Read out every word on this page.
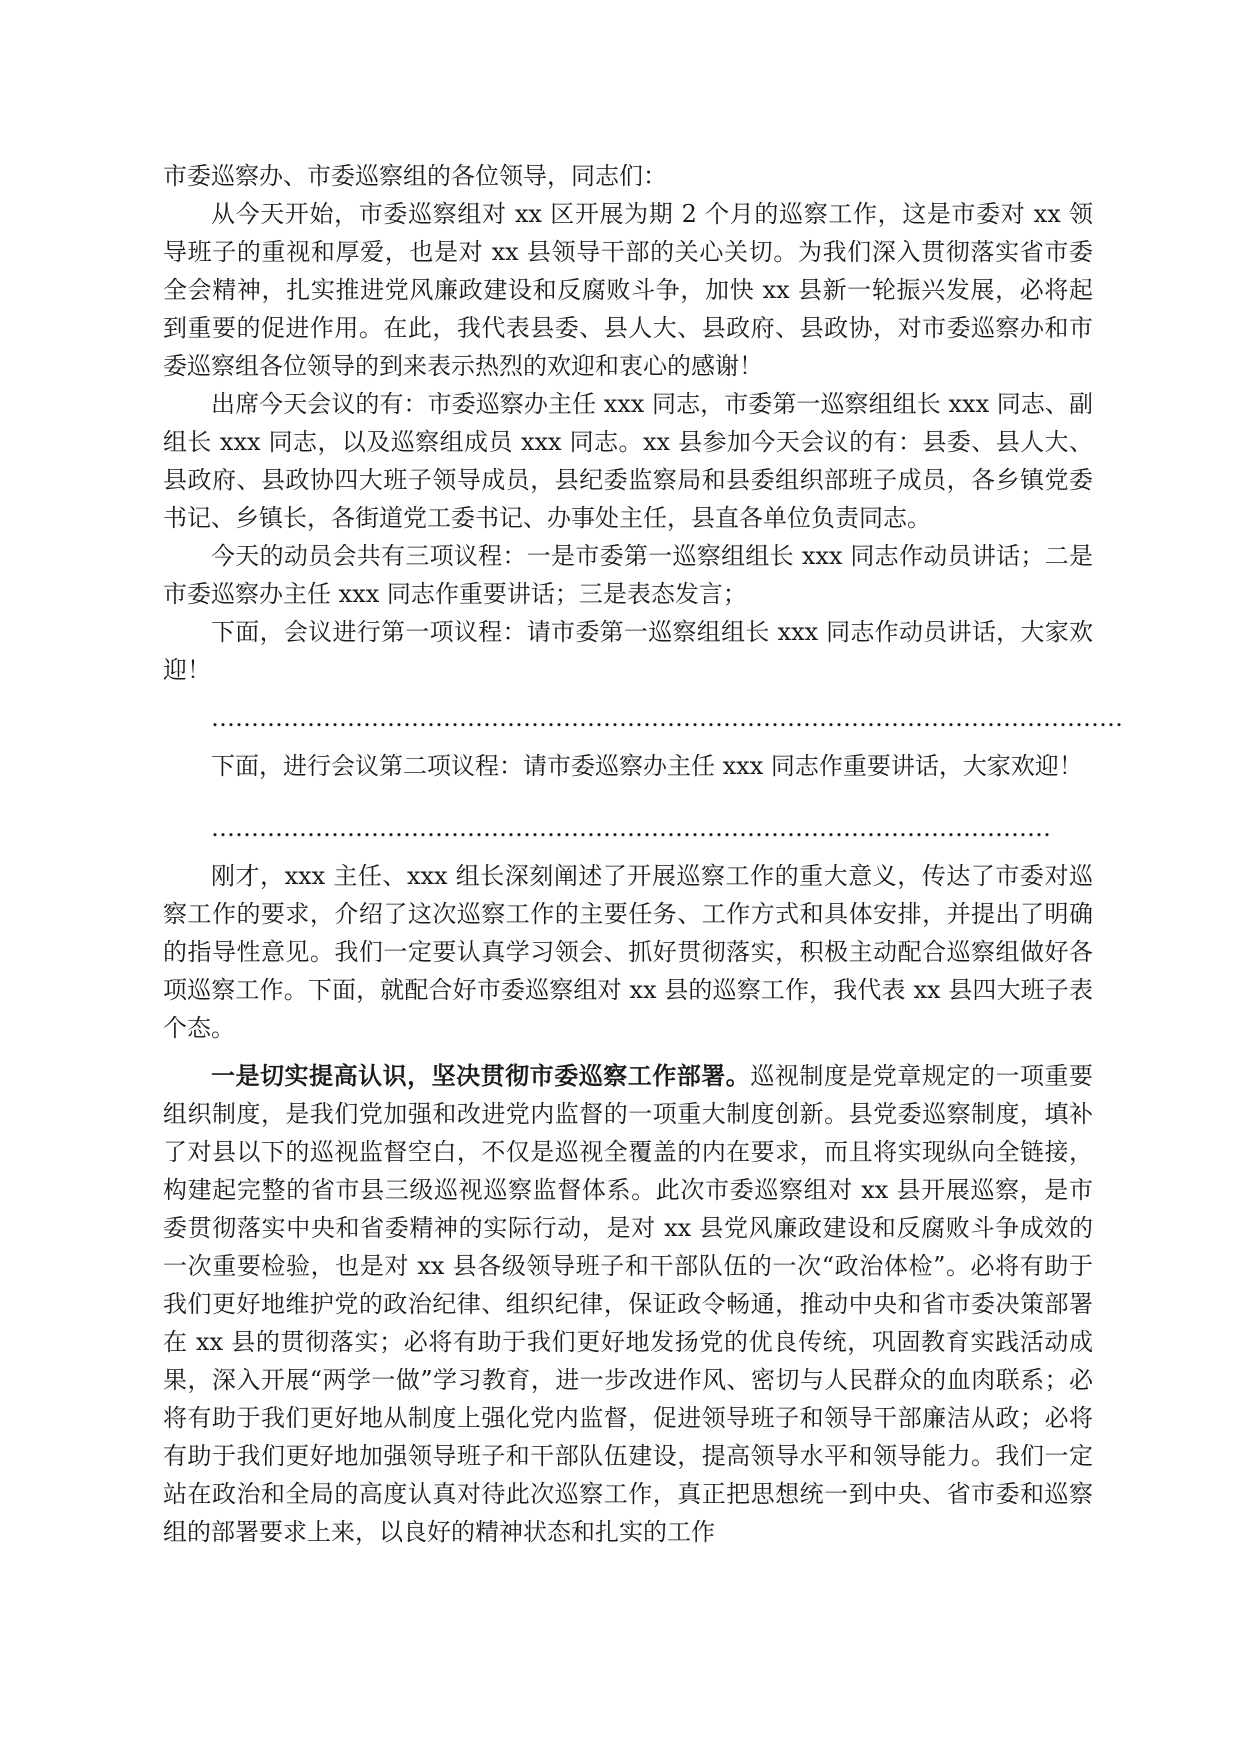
市委巡察办、市委巡察组的各位领导，同志们：

从今天开始，市委巡察组对 xx 区开展为期 2 个月的巡察工作，这是市委对 xx 领导班子的重视和厚爱，也是对 xx 县领导干部的关心关切。为我们深入贯彻落实省市委全会精神，扎实推进党风廉政建设和反腐败斗争，加快 xx 县新一轮振兴发展，必将起到重要的促进作用。在此，我代表县委、县人大、县政府、县政协，对市委巡察办和市委巡察组各位领导的到来表示热烈的欢迎和衷心的感谢！

出席今天会议的有：市委巡察办主任 xxx 同志，市委第一巡察组组长 xxx 同志、副组长 xxx 同志，以及巡察组成员 xxx 同志。xx 县参加今天会议的有：县委、县人大、县政府、县政协四大班子领导成员，县纪委监察局和县委组织部班子成员，各乡镇党委书记、乡镇长，各街道党工委书记、办事处主任，县直各单位负责同志。

今天的动员会共有三项议程：一是市委第一巡察组组长 xxx 同志作动员讲话；二是市委巡察办主任 xxx 同志作重要讲话；三是表态发言；

下面，会议进行第一项议程：请市委第一巡察组组长 xxx 同志作动员讲话，大家欢迎！

……………………………………………………………………………………………………

下面，进行会议第二项议程：请市委巡察办主任 xxx 同志作重要讲话，大家欢迎！

……………………………………………………………………………………………

刚才，xxx 主任、xxx 组长深刻阐述了开展巡察工作的重大意义，传达了市委对巡察工作的要求，介绍了这次巡察工作的主要任务、工作方式和具体安排，并提出了明确的指导性意见。我们一定要认真学习领会、抓好贯彻落实，积极主动配合巡察组做好各项巡察工作。下面，就配合好市委巡察组对 xx 县的巡察工作，我代表 xx 县四大班子表个态。

一是切实提高认识，坚决贯彻市委巡察工作部署。巡视制度是党章规定的一项重要组织制度，是我们党加强和改进党内监督的一项重大制度创新。县党委巡察制度，填补了对县以下的巡视监督空白，不仅是巡视全覆盖的内在要求，而且将实现纵向全链接，构建起完整的省市县三级巡视巡察监督体系。此次市委巡察组对 xx 县开展巡察，是市委贯彻落实中央和省委精神的实际行动，是对 xx 县党风廉政建设和反腐败斗争成效的一次重要检验，也是对 xx 县各级领导班子和干部队伍的一次“政治体检”。必将有助于我们更好地维护党的政治纪律、组织纪律，保证政令畅通，推动中央和省市委决策部署在 xx 县的贯彻落实；必将有助于我们更好地发扬党的优良传统，巩固教育实践活动成果，深入开展“两学一做”学习教育，进一步改进作风、密切与人民群众的血肉联系；必将有助于我们更好地从制度上强化党内监督，促进领导班子和领导干部廉洁从政；必将有助于我们更好地加强领导班子和干部队伍建设，提高领导水平和领导能力。我们一定站在政治和全局的高度认真对待此次巡察工作，真正把思想统一到中央、省市委和巡察组的部署要求上来，以良好的精神状态和扎实的工作
